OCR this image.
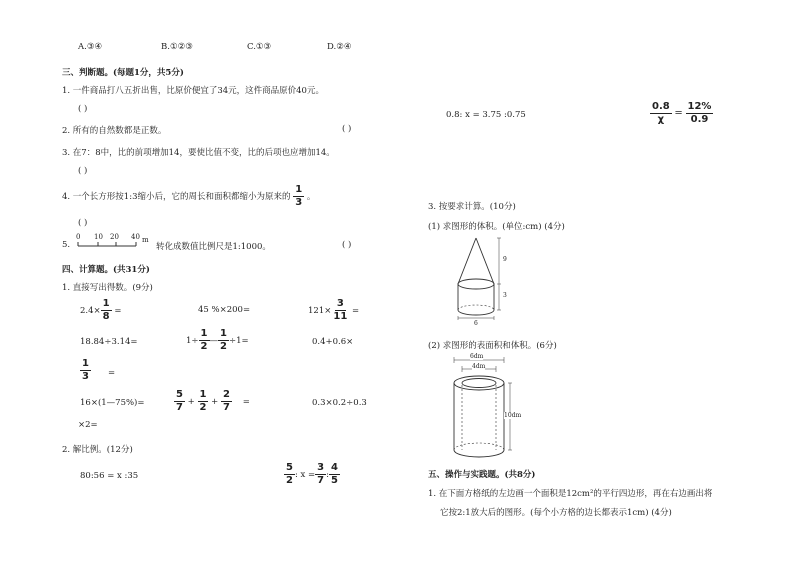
A.③④	B.①②③	C.①③	D.②④
三、判断题。(每题1分，共5分)
1. 一件商品打八五折出售，比原价便宜了34元，这件商品原价40元。
( )
2. 所有的自然数都是正数。	( )
3. 在7：8中，比的前项增加14，要使比值不变，比的后项也应增加14。
( )
4. 一个长方形按1:3缩小后，它的周长和面积都缩小为原来的 $\frac{1}{3}$ 。
( )
5.
0 10 20 40 m
转化成数值比例尺是1:1000。	( )
四、计算题。(共31分)
1. 直接写出得数。(9分)
$2.4\times \frac{1}{8}$ =	45 %×200=	$121\times \frac{3}{11}$ =
18.84÷3.14=	$1\div \frac{1}{2}$ — $\frac{1}{2} \div 1=$	0.4+0.6×
$\frac{1}{3}$ =
16×(1—75%)=	$\frac{5}{7} + \frac{1}{2} + \frac{2}{7}$ =	0.3×0.2÷0.3
×2=
2. 解比例。(12分)
80:56 = x :35	$\frac{5}{2}$ : $x = \frac{3}{7}$ : $\frac{4}{5}$
0.8: x = 3.75 :0.75	$\frac{0.8}{\chi} = \frac{12\%}{0.9}$
3. 按要求计算。(10分)
(1) 求图形的体积。(单位:cm) (4分)
9
3
6
(2) 求图形的表面积和体积。(6分)
6dm
4dm
10dm
五、操作与实践题。(共8分)
1. 在下面方格纸的左边画一个面积是12cm²的平行四边形，再在右边画出将
它按2:1放大后的图形。(每个小方格的边长都表示1cm) (4分)
